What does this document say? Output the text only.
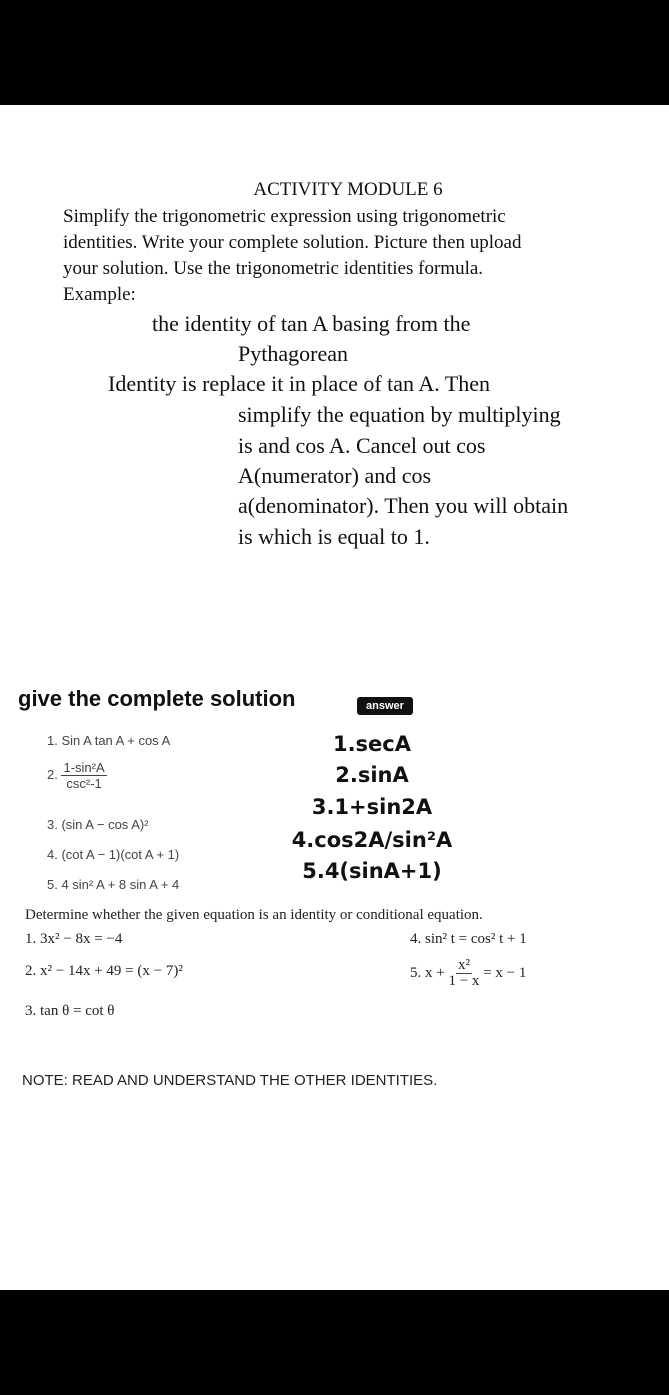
ACTIVITY MODULE 6
Simplify the trigonometric expression using trigonometric
identities. Write your complete solution. Picture then upload
your solution. Use the trigonometric identities formula.
Example:
the identity of tan A basing from the
Pythagorean
Identity is replace it in place of tan A. Then
simplify the equation by multiplying
is and cos A. Cancel out cos
A(numerator) and cos
a(denominator). Then you will obtain
is which is equal to 1.
give the complete solution	answer
1. Sin A tan A + cos A
2. $\frac{\text{1-sin²A}}{\text{csc²-1}}$
3. (sin A − cos A)²
4. (cot A − 1)(cot A + 1)
5. 4 sin² A + 8 sin A + 4
1.secA
2.sinA
3.1+sin2A
4.cos2A/sin²A
5.4(sinA+1)
Determine whether the given equation is an identity or conditional equation.
1. 3x² − 8x = −4
2. x² − 14x + 49 = (x − 7)²
3. tan θ = cot θ
4. sin² t = cos² t + 1
5. $x + \frac{\text{x²}}{1 - x} = x - 1$
NOTE: READ AND UNDERSTAND THE OTHER IDENTITIES.
